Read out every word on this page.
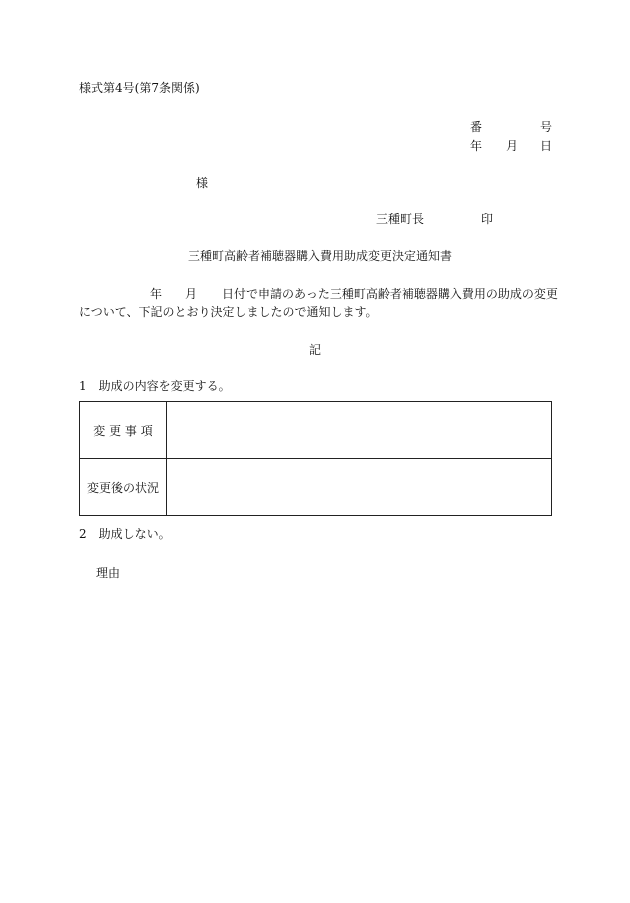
様式第4号(第7条関係)
番	号
年 月 日
様
三種町長	印
三種町高齢者補聴器購入費用助成変更決定通知書
年 月 日付で申請のあった三種町高齢者補聴器購入費用の助成の変更
について、下記のとおり決定しましたので通知します。
記
1　助成の内容を変更する。
変 更 事 項	
変更後の状況	
2　助成しない。
理由
